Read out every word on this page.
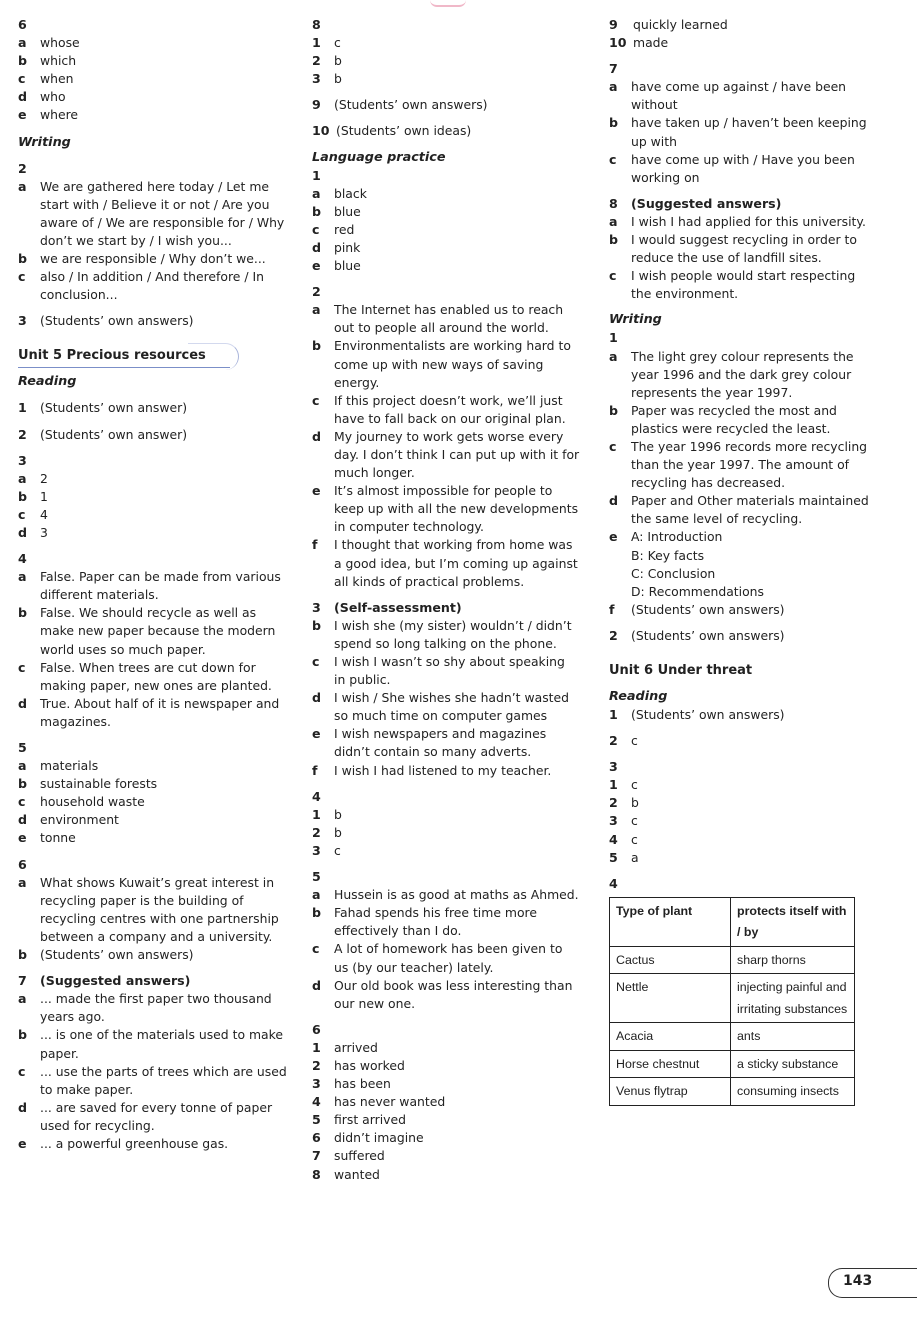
6
a	whose
b	which
c	when
d	who
e	where
Writing
2
a	We are gathered here today / Let me start with / Believe it or not / Are you aware of / We are responsible for / Why don’t we start by / I wish you...
b	we are responsible / Why don’t we...
c	also / In addition / And therefore / In conclusion...
3	(Students’ own answers)
Unit 5 Precious resources
Reading
1	(Students’ own answer)
2	(Students’ own answer)
3
a	2
b	1
c	4
d	3
4
a	False. Paper can be made from various different materials.
b	False. We should recycle as well as make new paper because the modern world uses so much paper.
c	False. When trees are cut down for making paper, new ones are planted.
d	True. About half of it is newspaper and magazines.
5
a	materials
b	sustainable forests
c	household waste
d	environment
e	tonne
6
a	What shows Kuwait’s great interest in recycling paper is the building of recycling centres with one partnership between a company and a university.
b	(Students’ own answers)
7	(Suggested answers)
a	... made the first paper two thousand years ago.
b	... is one of the materials used to make paper.
c	... use the parts of trees which are used to make paper.
d	... are saved for every tonne of paper used for recycling.
e	... a powerful greenhouse gas.
8
1	c
2	b
3	b
9	(Students’ own answers)
10 (Students’ own ideas)
Language practice
1
a	black
b	blue
c	red
d	pink
e	blue
2
a	The Internet has enabled us to reach out to people all around the world.
b	Environmentalists are working hard to come up with new ways of saving energy.
c	If this project doesn’t work, we’ll just have to fall back on our original plan.
d	My journey to work gets worse every day. I don’t think I can put up with it for much longer.
e	It’s almost impossible for people to keep up with all the new developments in computer technology.
f	I thought that working from home was a good idea, but I’m coming up against all kinds of practical problems.
3	(Self-assessment)
b	I wish she (my sister) wouldn’t / didn’t spend so long talking on the phone.
c	I wish I wasn’t so shy about speaking in public.
d	I wish / She wishes she hadn’t wasted so much time on computer games
e	I wish newspapers and magazines didn’t contain so many adverts.
f	I wish I had listened to my teacher.
4
1	b
2	b
3	c
5
a	Hussein is as good at maths as Ahmed.
b	Fahad spends his free time more effectively than I do.
c	A lot of homework has been given to us (by our teacher) lately.
d	Our old book was less interesting than our new one.
6
1	arrived
2	has worked
3	has been
4	has never wanted
5	first arrived
6	didn’t imagine
7	suffered
8	wanted
9	quickly learned
10 made
7
a	have come up against / have been without
b	have taken up / haven’t been keeping up with
c	have come up with / Have you been working on
8	(Suggested answers)
a	I wish I had applied for this university.
b	I would suggest recycling in order to reduce the use of landfill sites.
c	I wish people would start respecting the environment.
Writing
1
a	The light grey colour represents the year 1996 and the dark grey colour represents the year 1997.
b	Paper was recycled the most and plastics were recycled the least.
c	The year 1996 records more recycling than the year 1997. The amount of recycling has decreased.
d	Paper and Other materials maintained the same level of recycling.
e	A: Introduction
B: Key facts
C: Conclusion
D: Recommendations
f	(Students’ own answers)
2	(Students’ own answers)
Unit 6 Under threat
Reading
1	(Students’ own answers)
2	c
3
1	c
2	b
3	c
4	c
5	a
4
Type of plant	protects itself with / by
Cactus	sharp thorns
Nettle	injecting painful and irritating substances
Acacia	ants
Horse chestnut	a sticky substance
Venus flytrap	consuming insects
143
